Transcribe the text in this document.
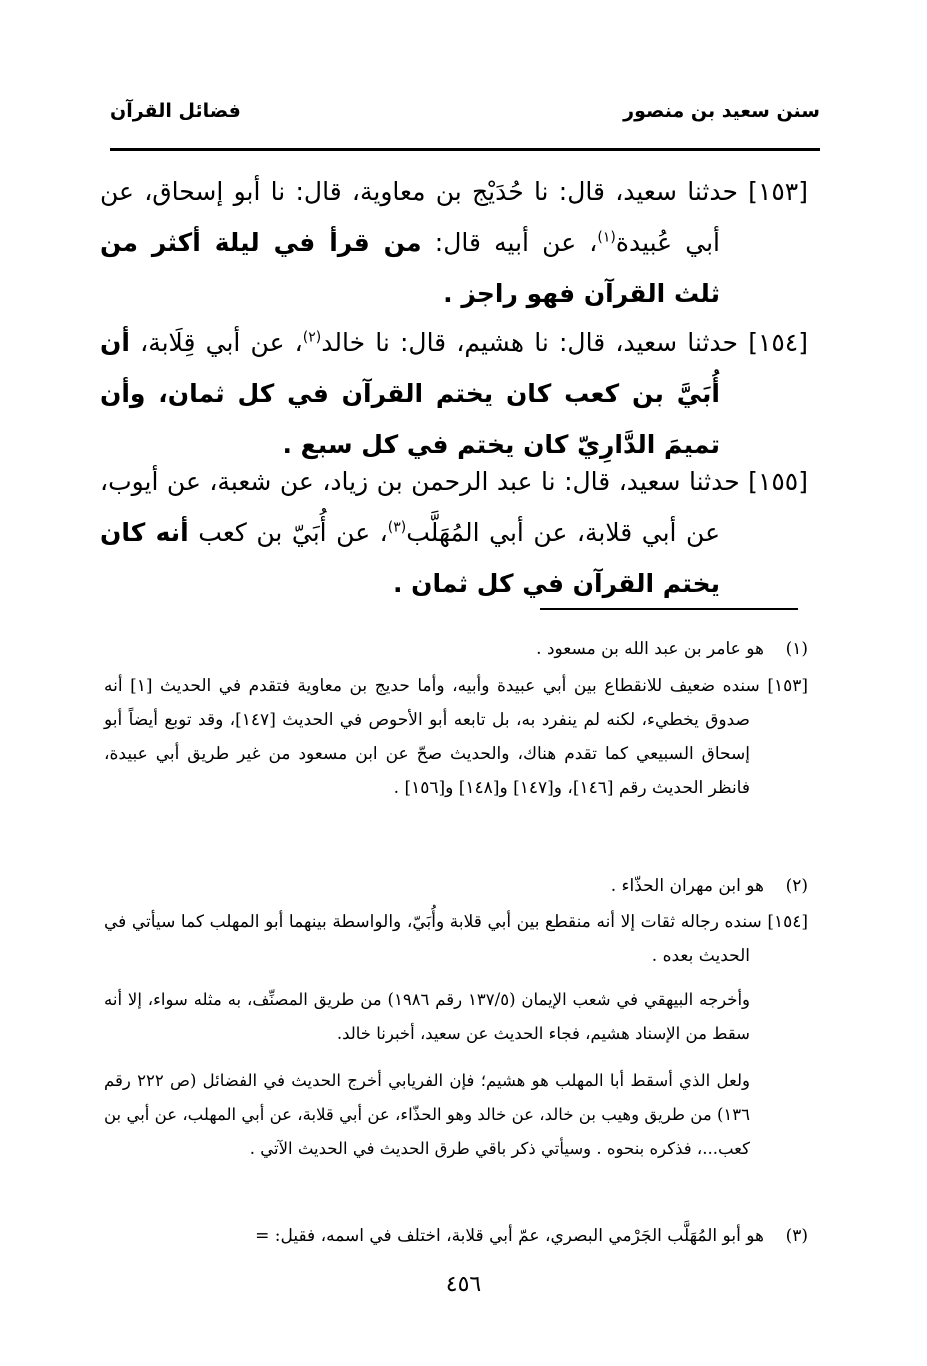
سنن سعيد بن منصور
فضائل القرآن
[١٥٣] حدثنا سعيد، قال: نا حُدَيْج بن معاوية، قال: نا أبو إسحاق، عن أبي عُبيدة$^{(١)}$، عن أبيه قال: من قرأ في ليلة أكثر من ثلث القرآن فهو راجز .
[١٥٤] حدثنا سعيد، قال: نا هشيم، قال: نا خالد$^{(٢)}$، عن أبي قِلَابة، أن أُبَيَّ بن كعب كان يختم القرآن في كل ثمان، وأن تميمَ الدَّارِيّ كان يختم في كل سبع .
[١٥٥] حدثنا سعيد، قال: نا عبد الرحمن بن زياد، عن شعبة، عن أيوب، عن أبي قلابة، عن أبي المُهَلَّب$^{(٣)}$، عن أُبَيّ بن كعب أنه كان يختم القرآن في كل ثمان .
(١)    هو عامر بن عبد الله بن مسعود .
[١٥٣] سنده ضعيف للانقطاع بين أبي عبيدة وأبيه، وأما حديج بن معاوية فتقدم في الحديث [١] أنه صدوق يخطيء، لكنه لم ينفرد به، بل تابعه أبو الأحوص في الحديث [١٤٧]، وقد توبع أيضاً أبو إسحاق السبيعي كما تقدم هناك، والحديث صحّ عن ابن مسعود من غير طريق أبي عبيدة، فانظر الحديث رقم [١٤٦]، و[١٤٧] و[١٤٨] و[١٥٦] .
(٢)    هو ابن مهران الحذّاء .
[١٥٤] سنده رجاله ثقات إلا أنه منقطع بين أبي قلابة وأُبَيّ، والواسطة بينهما أبو المهلب كما سيأتي في الحديث بعده .
وأخرجه البيهقي في شعب الإيمان (١٣٧/٥ رقم ١٩٨٦) من طريق المصنِّف، به مثله سواء، إلا أنه سقط من الإسناد هشيم، فجاء الحديث عن سعيد، أخبرنا خالد.
ولعل الذي أسقط أبا المهلب هو هشيم؛ فإن الفريابي أخرج الحديث في الفضائل (ص ٢٢٢ رقم ١٣٦) من طريق وهيب بن خالد، عن خالد وهو الحذّاء، عن أبي قلابة، عن أبي المهلب، عن أبي بن كعب...، فذكره بنحوه . وسيأتي ذكر باقي طرق الحديث في الحديث الآتي .
(٣)    هو أبو المُهَلَّب الجَرْمي البصري، عمّ أبي قلابة، اختلف في اسمه، فقيل: =
٤٥٦
